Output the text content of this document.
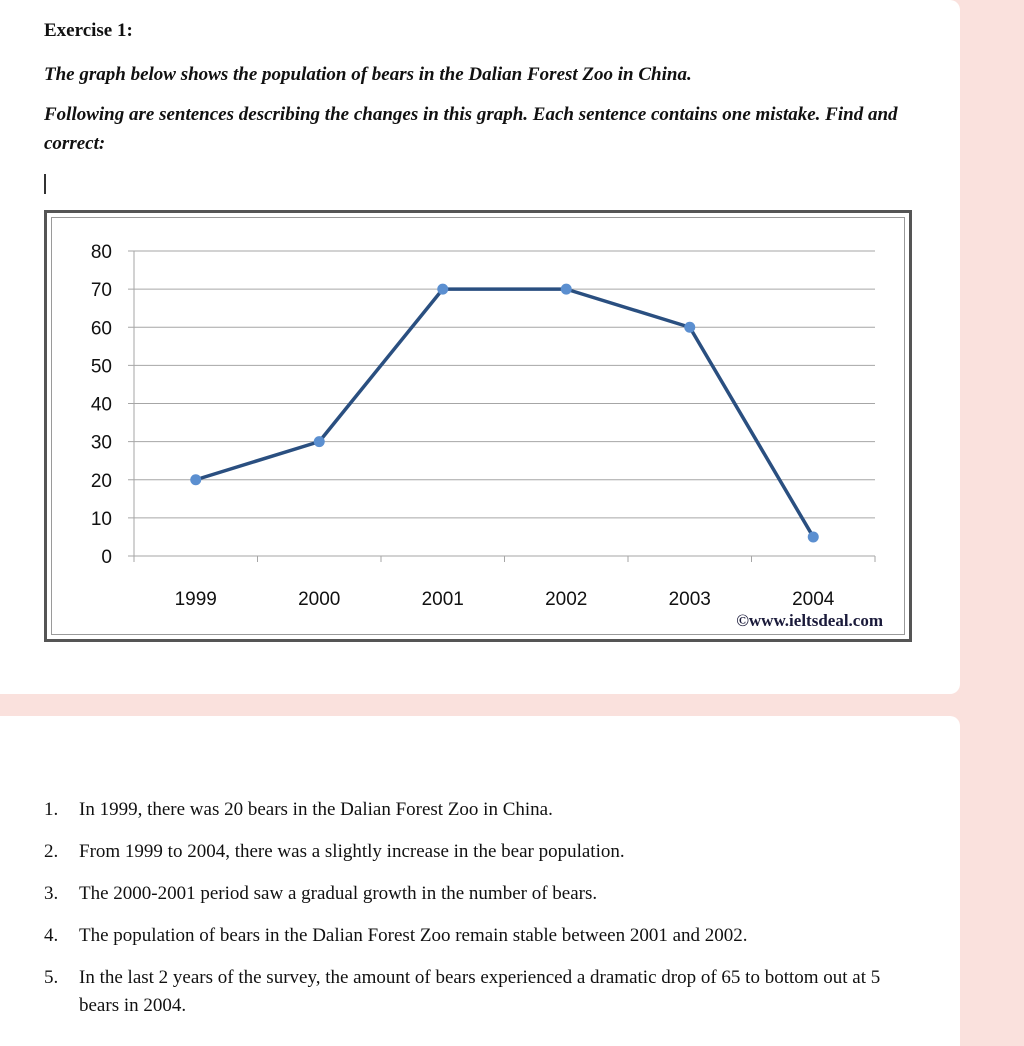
Exercise 1:
The graph below shows the population of bears in the Dalian Forest Zoo in China.
Following are sentences describing the changes in this graph. Each sentence contains one mistake. Find and correct:
0
10
20
30
40
50
60
70
80
1999	2000	2001	2002	2003	2004
©www.ieltsdeal.com
1. In 1999, there was 20 bears in the Dalian Forest Zoo in China.
2. From 1999 to 2004, there was a slightly increase in the bear population.
3. The 2000-2001 period saw a gradual growth in the number of bears.
4. The population of bears in the Dalian Forest Zoo remain stable between 2001 and 2002.
5. In the last 2 years of the survey, the amount of bears experienced a dramatic drop of 65 to bottom out at 5 bears in 2004.
